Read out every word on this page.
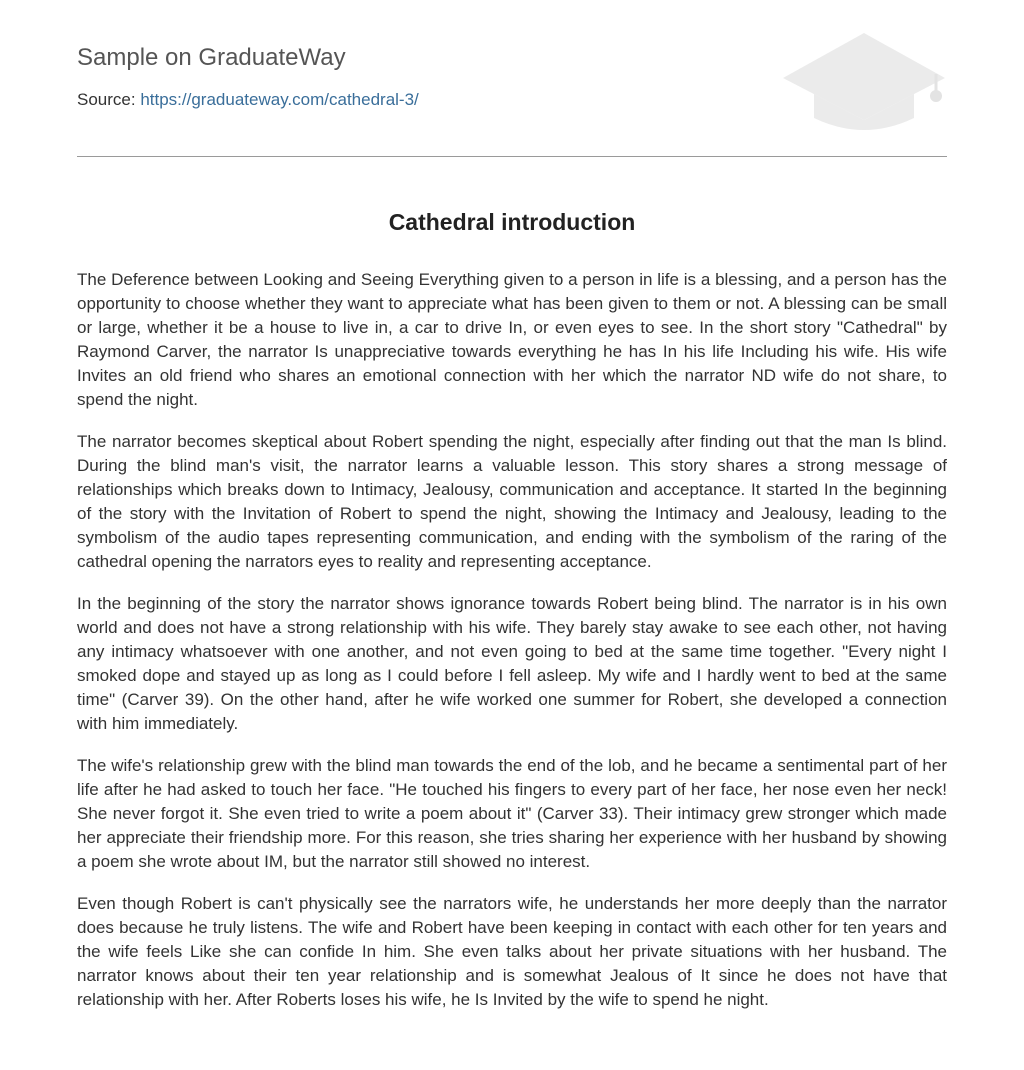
Sample on GraduateWay
Source: https://graduateway.com/cathedral-3/
Cathedral introduction

The Deference between Looking and Seeing Everything given to a person in life is a blessing, and a person has the opportunity to choose whether they want to appreciate what has been given to them or not. A blessing can be small or large, whether it be a house to live in, a car to drive In, or even eyes to see. In the short story "Cathedral" by Raymond Carver, the narrator Is unappreciative towards everything he has In his life Including his wife. His wife Invites an old friend who shares an emotional connection with her which the narrator ND wife do not share, to spend the night.

The narrator becomes skeptical about Robert spending the night, especially after finding out that the man Is blind. During the blind man's visit, the narrator learns a valuable lesson. This story shares a strong message of relationships which breaks down to Intimacy, Jealousy, communication and acceptance. It started In the beginning of the story with the Invitation of Robert to spend the night, showing the Intimacy and Jealousy, leading to the symbolism of the audio tapes representing communication, and ending with the symbolism of the raring of the cathedral opening the narrators eyes to reality and representing acceptance.

In the beginning of the story the narrator shows ignorance towards Robert being blind. The narrator is in his own world and does not have a strong relationship with his wife. They barely stay awake to see each other, not having any intimacy whatsoever with one another, and not even going to bed at the same time together. "Every night I smoked dope and stayed up as long as I could before I fell asleep. My wife and I hardly went to bed at the same time" (Carver 39). On the other hand, after he wife worked one summer for Robert, she developed a connection with him immediately.

The wife's relationship grew with the blind man towards the end of the lob, and he became a sentimental part of her life after he had asked to touch her face. "He touched his fingers to every part of her face, her nose even her neck! She never forgot it. She even tried to write a poem about it" (Carver 33). Their intimacy grew stronger which made her appreciate their friendship more. For this reason, she tries sharing her experience with her husband by showing a poem she wrote about IM, but the narrator still showed no interest.

Even though Robert is can't physically see the narrators wife, he understands her more deeply than the narrator does because he truly listens. The wife and Robert have been keeping in contact with each other for ten years and the wife feels Like she can confide In him. She even talks about her private situations with her husband. The narrator knows about their ten year relationship and is somewhat Jealous of It since he does not have that relationship with her. After Roberts loses his wife, he Is Invited by the wife to spend he night.
